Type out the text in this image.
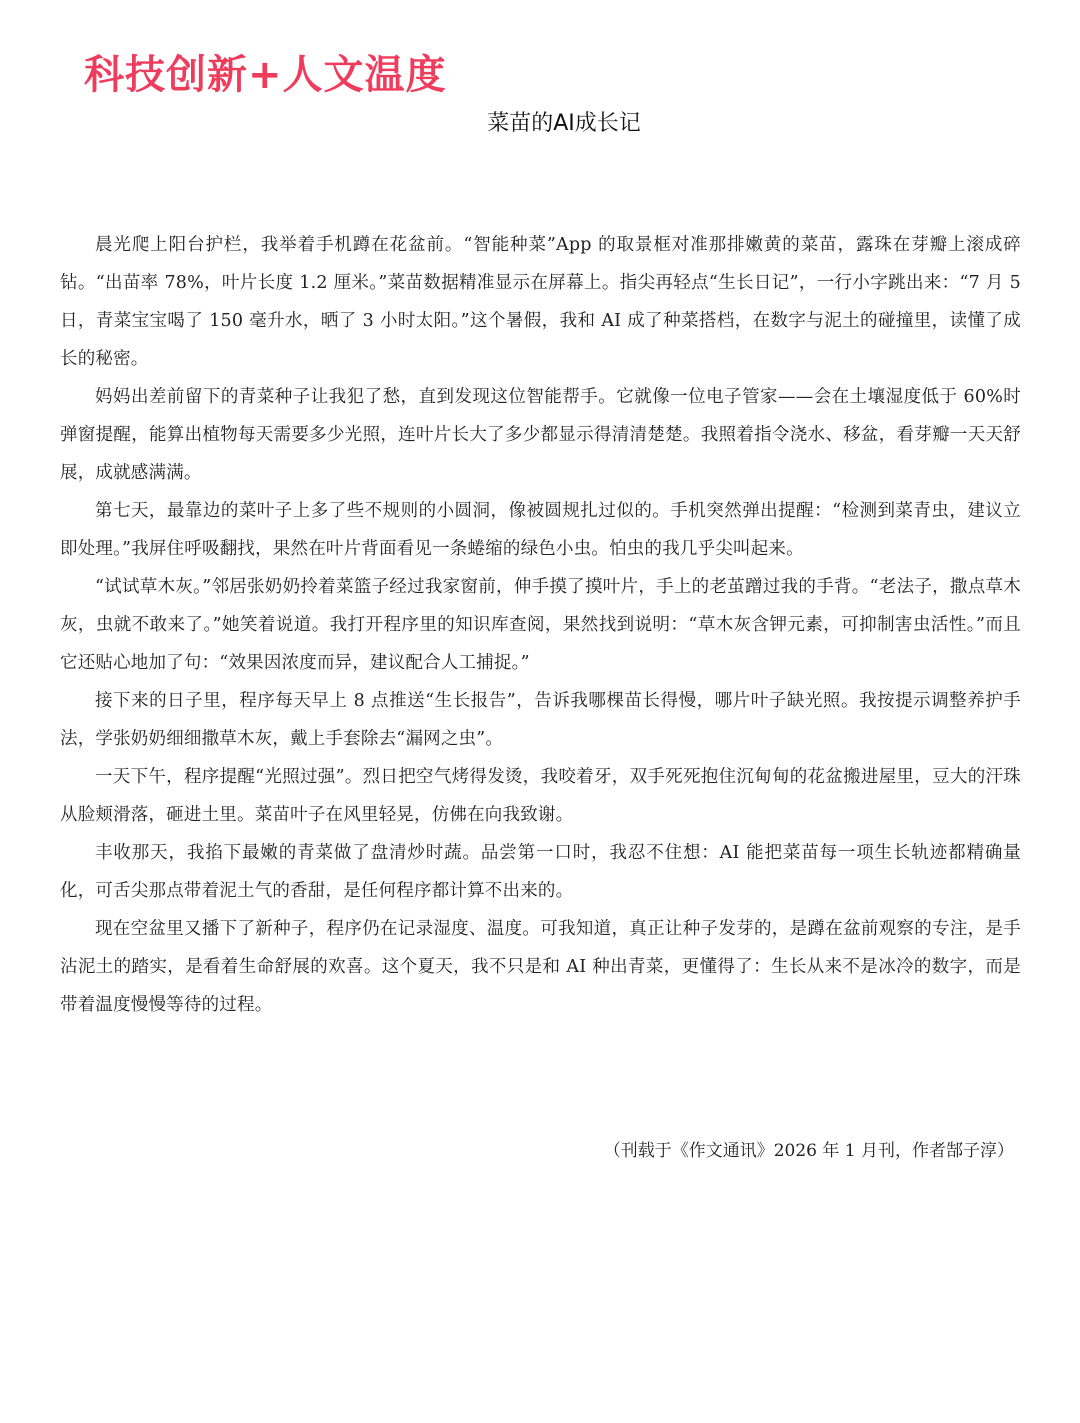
科技创新+人文温度
菜苗的AI成长记

晨光爬上阳台护栏，我举着手机蹲在花盆前。“智能种菜”App 的取景框对准那排嫩黄的菜苗，露珠在芽瓣上滚成碎钻。“出苗率 78%，叶片长度 1.2 厘米。”菜苗数据精准显示在屏幕上。指尖再轻点“生长日记”，一行小字跳出来：“7 月 5 日，青菜宝宝喝了 150 毫升水，晒了 3 小时太阳。”这个暑假，我和 AI 成了种菜搭档，在数字与泥土的碰撞里，读懂了成长的秘密。

妈妈出差前留下的青菜种子让我犯了愁，直到发现这位智能帮手。它就像一位电子管家——会在土壤湿度低于 60%时弹窗提醒，能算出植物每天需要多少光照，连叶片长大了多少都显示得清清楚楚。我照着指令浇水、移盆，看芽瓣一天天舒展，成就感满满。

第七天，最靠边的菜叶子上多了些不规则的小圆洞，像被圆规扎过似的。手机突然弹出提醒：“检测到菜青虫，建议立即处理。”我屏住呼吸翻找，果然在叶片背面看见一条蜷缩的绿色小虫。怕虫的我几乎尖叫起来。

“试试草木灰。”邻居张奶奶拎着菜篮子经过我家窗前，伸手摸了摸叶片，手上的老茧蹭过我的手背。“老法子，撒点草木灰，虫就不敢来了。”她笑着说道。我打开程序里的知识库查阅，果然找到说明：“草木灰含钾元素，可抑制害虫活性。”而且它还贴心地加了句：“效果因浓度而异，建议配合人工捕捉。”

接下来的日子里，程序每天早上 8 点推送“生长报告”，告诉我哪棵苗长得慢，哪片叶子缺光照。我按提示调整养护手法，学张奶奶细细撒草木灰，戴上手套除去“漏网之虫”。

一天下午，程序提醒“光照过强”。烈日把空气烤得发烫，我咬着牙，双手死死抱住沉甸甸的花盆搬进屋里，豆大的汗珠从脸颊滑落，砸进土里。菜苗叶子在风里轻晃，仿佛在向我致谢。

丰收那天，我掐下最嫩的青菜做了盘清炒时蔬。品尝第一口时，我忍不住想：AI 能把菜苗每一项生长轨迹都精确量化，可舌尖那点带着泥土气的香甜，是任何程序都计算不出来的。

现在空盆里又播下了新种子，程序仍在记录湿度、温度。可我知道，真正让种子发芽的，是蹲在盆前观察的专注，是手沾泥土的踏实，是看着生命舒展的欢喜。这个夏天，我不只是和 AI 种出青菜，更懂得了：生长从来不是冰冷的数字，而是带着温度慢慢等待的过程。

（刊载于《作文通讯》2026 年 1 月刊，作者郜子淳）
